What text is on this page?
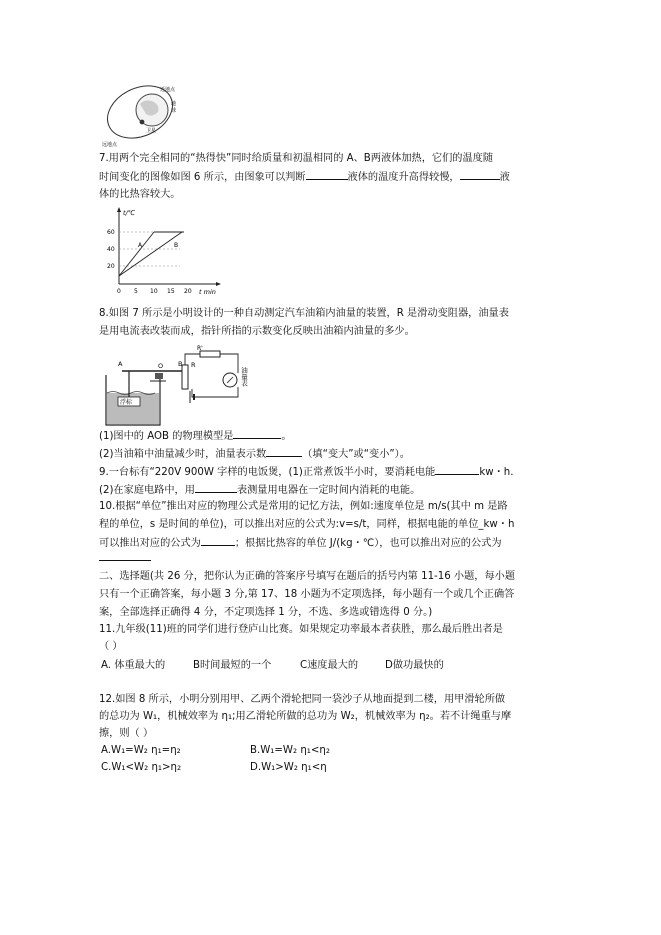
近地点
地
球
卫星
远地点
7.用两个完全相同的“热得快”同时给质量和初温相同的 A、B两液体加热，它们的温度随
时间变化的图像如图 6 所示，由图象可以判断	液体的温度升高得较慢，	液
体的比热容较大。
t/℃
t min
60
40
20
0 5 10 15 20
A	B
8.如图 7 所示是小明设计的一种自动测定汽车油箱内油量的装置，R 是滑动变阻器，油量表
是用电流表改装而成，指针所指的示数变化反映出油箱内油量的多少。
浮标
A	O B R
R'
油量表
(1)图中的 AOB 的物理模型是	。
(2)当油箱中油量减少时，油量表示数	（填“变大”或“变小”）。
9.一台标有“220V 900W 字样的电饭煲，(1)正常煮饭半小时，要消耗电能	kw・h.
(2)在家庭电路中，用	表测量用电器在一定时间内消耗的电能。
10.根据“单位”推出对应的物理公式是常用的记忆方法，例如:速度单位是 m/s(其中 m 是路
程的单位，s 是时间的单位)，可以推出对应的公式为:v=s/t，同样，根据电能的单位_kw・h
可以推出对应的公式为	；根据比热容的单位 J/(kg・℃），也可以推出对应的公式为
二、选择题(共 26 分，把你认为正确的答案序号填写在题后的括号内第 11-16 小题，每小题
只有一个正确答案，每小题 3 分,第 17、18 小题为不定项选择，每小题有一个或几个正确答
案，全部选择正确得 4 分，不定项选择 1 分，不选、多选或错选得 0 分。)
11.九年级(11)班的同学们进行登庐山比赛。如果规定功率最本者获胜，那么最后胜出者是
（ ）
A. 体重最大的	B时间最短的一个	C速度最大的	D做功最快的
12.如图 8 所示，小明分别用甲、乙两个滑轮把同一袋沙子从地面提到二楼，用甲滑轮所做
的总功为 W₁，机械效率为 η₁;用乙滑轮所做的总功为 W₂，机械效率为 η₂。若不计绳重与摩
擦，则（ ）
A.W₁=W₂ η₁=η₂	B.W₁=W₂ η₁<η₂
C.W₁<W₂ η₁>η₂	D.W₁>W₂ η₁<η
